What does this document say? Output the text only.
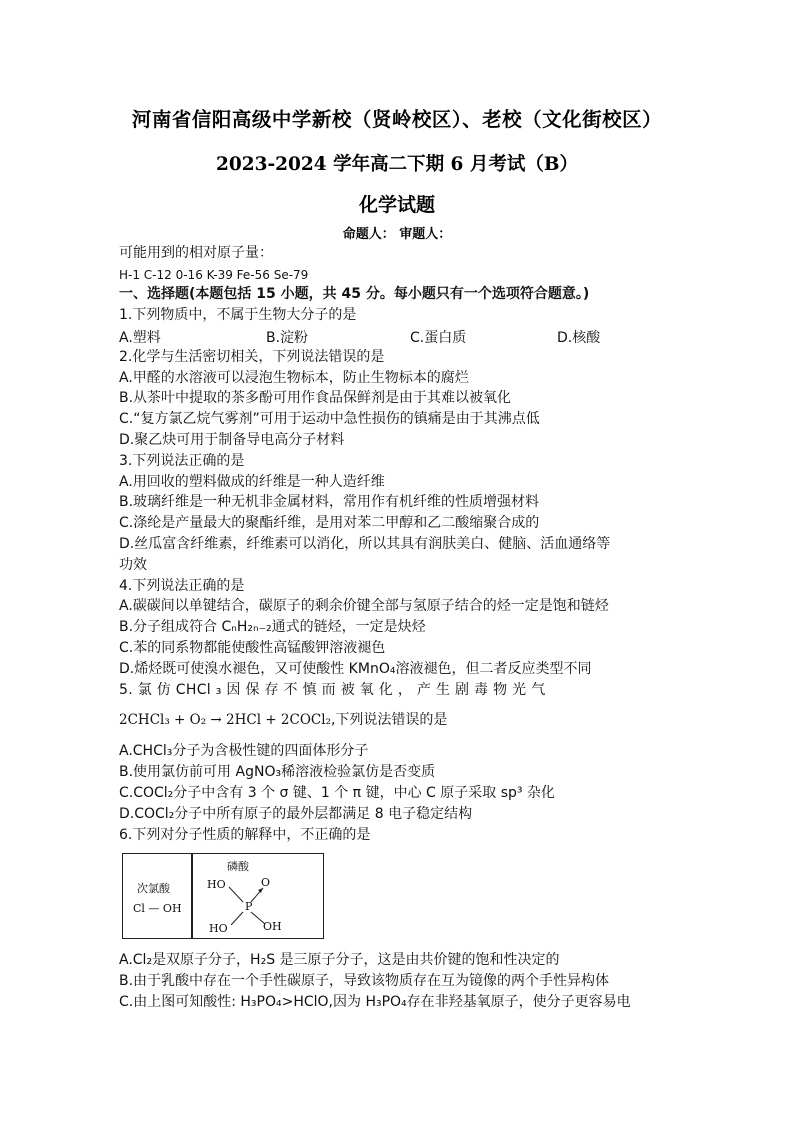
河南省信阳高级中学新校（贤岭校区）、老校（文化街校区）
2023-2024 学年高二下期 6 月考试（B）
化学试题
命题人： 审题人：
可能用到的相对原子量：
H-1 C-12 0-16 K-39 Fe-56 Se-79
一、选择题(本题包括 15 小题，共 45 分。每小题只有一个选项符合题意。)
1.下列物质中，不属于生物大分子的是
A.塑料	B.淀粉	C.蛋白质	D.核酸
2.化学与生活密切相关，下列说法错误的是
A.甲醛的水溶液可以浸泡生物标本，防止生物标本的腐烂
B.从茶叶中提取的茶多酚可用作食品保鲜剂是由于其难以被氧化
C.“复方氯乙烷气雾剂”可用于运动中急性损伤的镇痛是由于其沸点低
D.聚乙炔可用于制备导电高分子材料
3.下列说法正确的是
A.用回收的塑料做成的纤维是一种人造纤维
B.玻璃纤维是一种无机非金属材料，常用作有机纤维的性质增强材料
C.涤纶是产量最大的聚酯纤维，是用对苯二甲醇和乙二酸缩聚合成的
D.丝瓜富含纤维素，纤维素可以消化，所以其具有润肤美白、健脑、活血通络等
功效
4.下列说法正确的是
A.碳碳间以单键结合，碳原子的剩余价键全部与氢原子结合的烃一定是饱和链烃
B.分子组成符合 CₙH₂ₙ₋₂通式的链烃，一定是炔烃
C.苯的同系物都能使酸性高锰酸钾溶液褪色
D.烯烃既可使溴水褪色，又可使酸性 KMnO₄溶液褪色，但二者反应类型不同
5. 氯 仿 CHCl ₃ 因 保 存 不 慎 而 被 氧 化 ， 产 生 剧 毒 物 光 气
2CHCl₃ + O₂ → 2HCl + 2COCl₂,下列说法错误的是
A.CHCl₃分子为含极性键的四面体形分子
B.使用氯仿前可用 AgNO₃稀溶液检验氯仿是否变质
C.COCl₂分子中含有 3 个 σ 键、1 个 π 键，中心 C 原子采取 sp³ 杂化
D.COCl₂分子中所有原子的最外层都满足 8 电子稳定结构
6.下列对分子性质的解释中，不正确的是
次氯酸
Cl — OH
磷酸
HO	O
P
HO	OH
A.Cl₂是双原子分子，H₂S 是三原子分子，这是由共价键的饱和性决定的
B.由于乳酸中存在一个手性碳原子，导致该物质存在互为镜像的两个手性异构体
C.由上图可知酸性: H₃PO₄>HClO,因为 H₃PO₄存在非羟基氧原子，使分子更容易电
